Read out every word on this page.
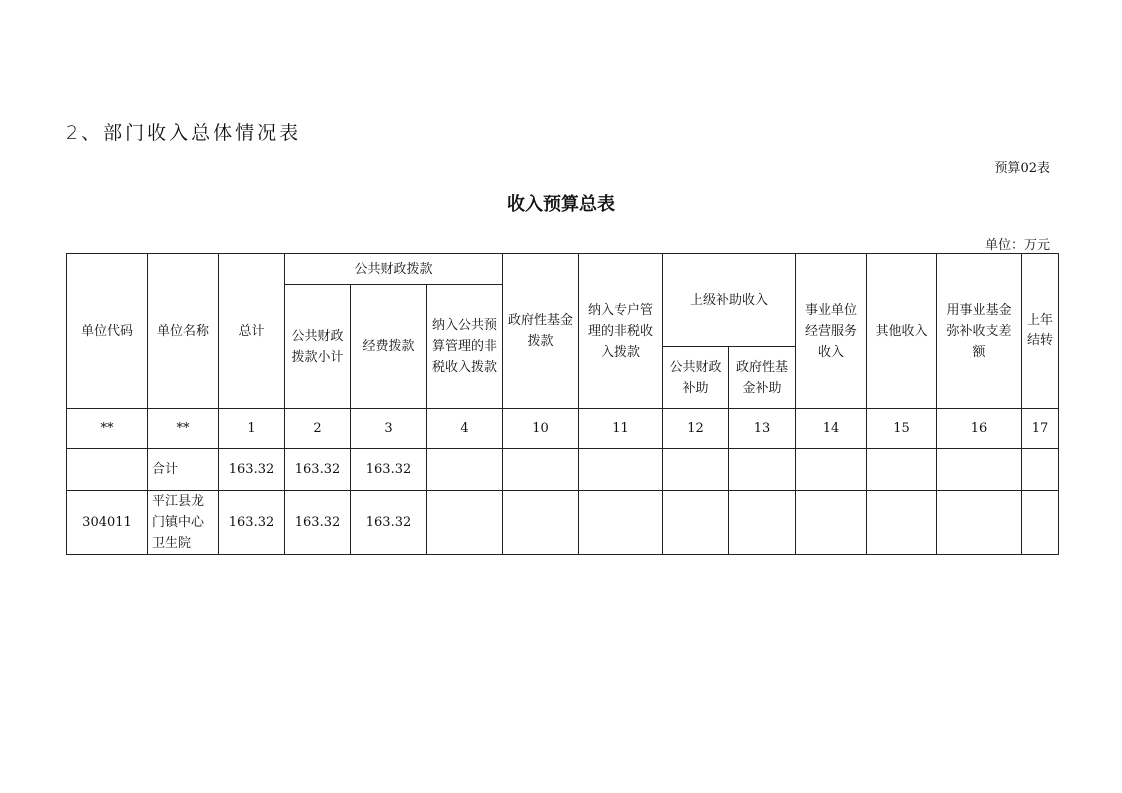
2、部门收入总体情况表
预算02表
收入预算总表
单位：万元
单位代码	单位名称	总计	公共财政拨款			政府性基金拨款	纳入专户管理的非税收入拨款	上级补助收入		事业单位经营服务收入	其他收入	用事业基金弥补收支差额	上年结转
			公共财政拨款小计	经费拨款	纳入公共预算管理的非税收入拨款								
								公共财政补助	政府性基金补助				
**	**	1	2	3	4	10	11	12	13	14	15	16	17
	合计	163.32	163.32	163.32									
304011	平江县龙门镇中心卫生院	163.32	163.32	163.32									
